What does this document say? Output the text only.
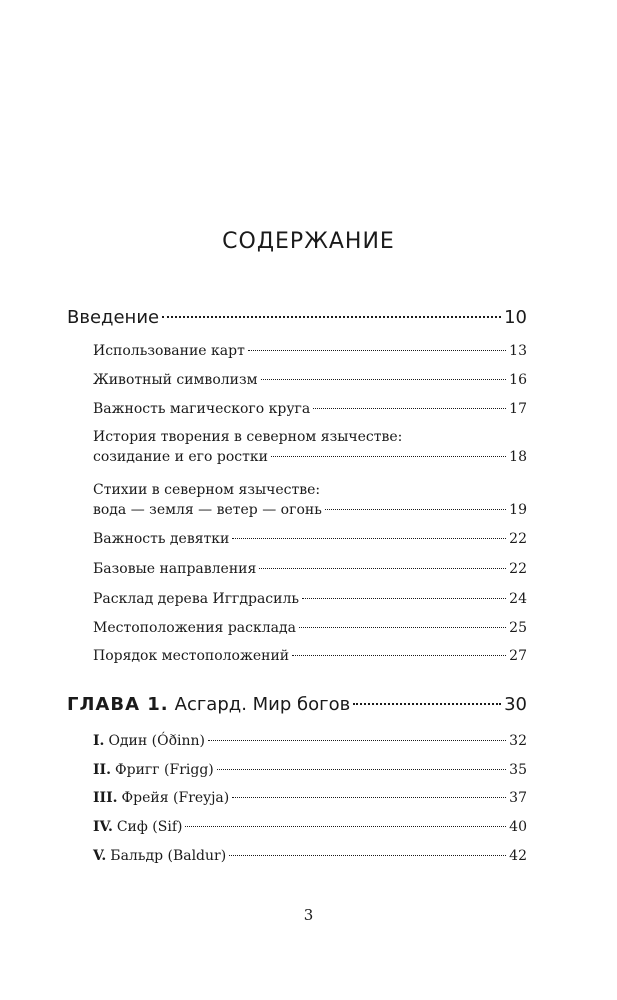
СОДЕРЖАНИЕ
Введение	10
Использование карт	13
Животный символизм	16
Важность магического круга	17
История творения в северном язычестве:
созидание и его ростки	18
Стихии в северном язычестве:
вода — земля — ветер — огонь	19
Важность девятки	22
Базовые направления	22
Расклад дерева Иггдрасиль	24
Местоположения расклада	25
Порядок местоположений	27
ГЛАВА 1. Асгард. Мир богов	30
I. Один (Óðinn)	32
II. Фригг (Frigg)	35
III. Фрейя (Freyja)	37
IV. Сиф (Sif)	40
V. Бальдр (Baldur)	42
3
